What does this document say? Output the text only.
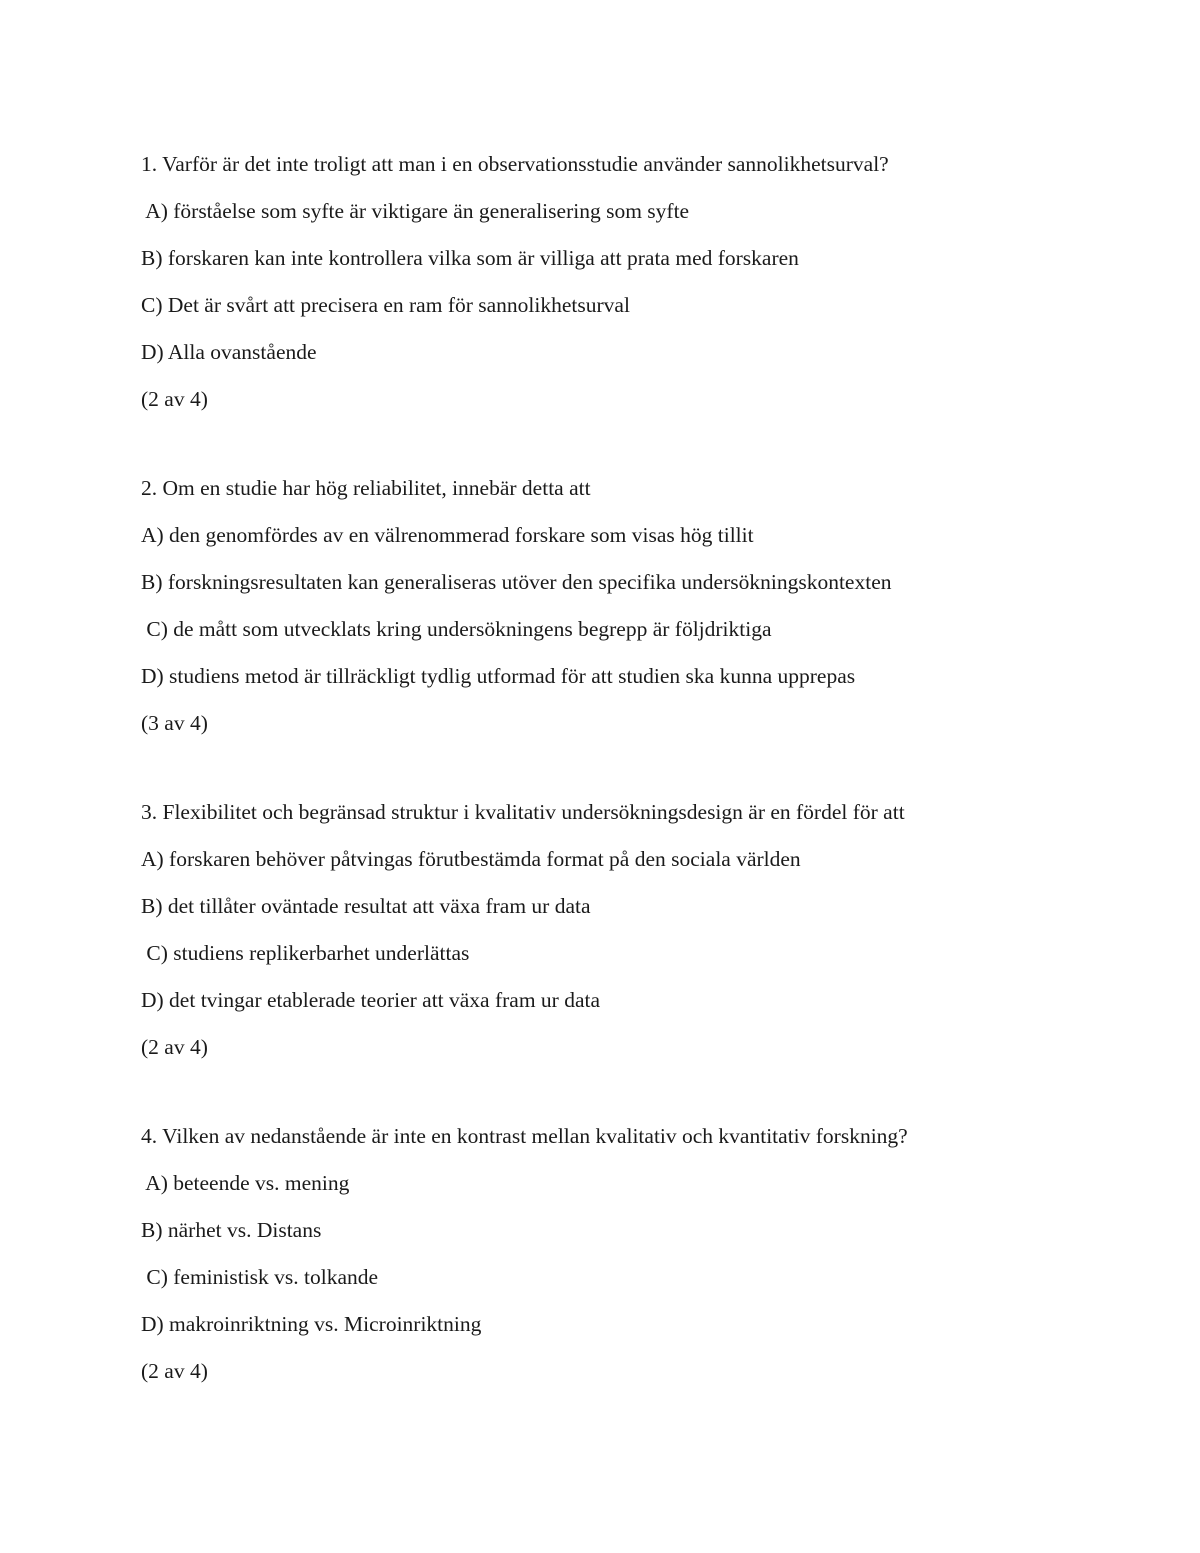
1. Varför är det inte troligt att man i en observationsstudie använder sannolikhetsurval?
A) förståelse som syfte är viktigare än generalisering som syfte
B) forskaren kan inte kontrollera vilka som är villiga att prata med forskaren
C) Det är svårt att precisera en ram för sannolikhetsurval
D) Alla ovanstående
(2 av 4)
2. Om en studie har hög reliabilitet, innebär detta att
A) den genomfördes av en välrenommerad forskare som visas hög tillit
B) forskningsresultaten kan generaliseras utöver den specifika undersökningskontexten
C) de mått som utvecklats kring undersökningens begrepp är följdriktiga
D) studiens metod är tillräckligt tydlig utformad för att studien ska kunna upprepas
(3 av 4)
3. Flexibilitet och begränsad struktur i kvalitativ undersökningsdesign är en fördel för att
A) forskaren behöver påtvingas förutbestämda format på den sociala världen
B) det tillåter oväntade resultat att växa fram ur data
C) studiens replikerbarhet underlättas
D) det tvingar etablerade teorier att växa fram ur data
(2 av 4)
4. Vilken av nedanstående är inte en kontrast mellan kvalitativ och kvantitativ forskning?
A) beteende vs. mening
B) närhet vs. Distans
C) feministisk vs. tolkande
D) makroinriktning vs. Microinriktning
(2 av 4)
